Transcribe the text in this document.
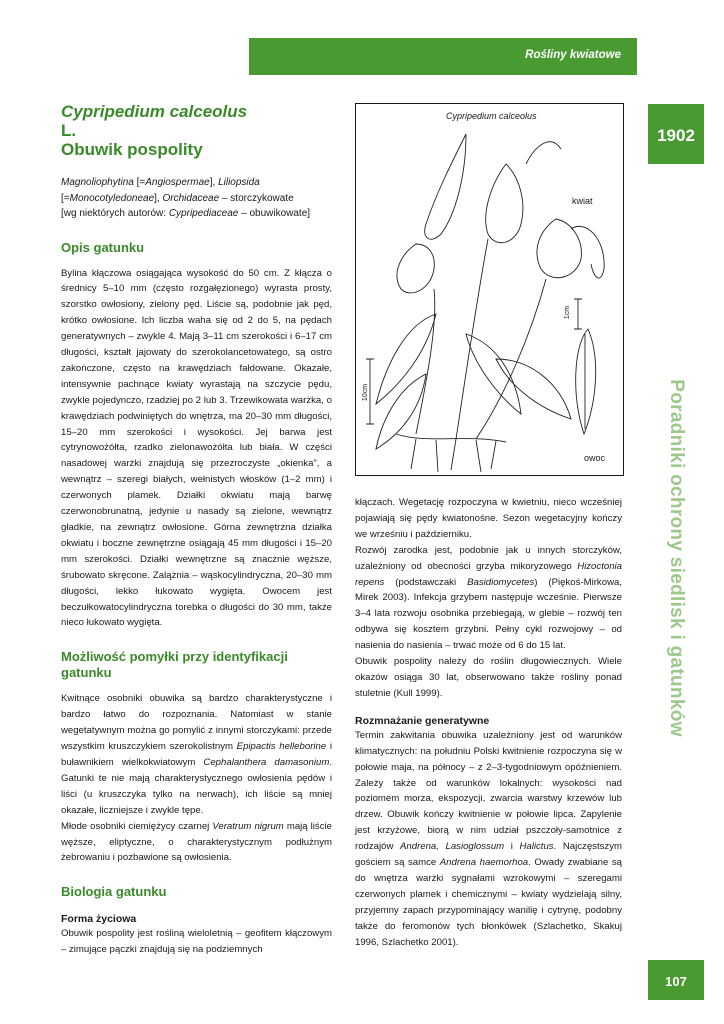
Rośliny kwiatowe
1902
Poradniki ochrony siedlisk i gatunków
107
Cypripedium calceolus
L.
Obuwik pospolity
Magnoliophytina [=Angiospermae], Liliopsida [=Monocotyledoneae], Orchidaceae – storczykowate
[wg niektórych autorów: Cypripediaceae – obuwikowate]
Opis gatunku

Bylina kłączowa osiągająca wysokość do 50 cm. Z kłącza o średnicy 5–10 mm (często rozgałęzionego) wyrasta prosty, szorstko owłosiony, zielony pęd. Liście są, podobnie jak pęd, krótko owłosione. Ich liczba waha się od 2 do 5, na pędach generatywnych – zwykle 4. Mają 3–11 cm szerokości i 6–17 cm długości, kształt jajowaty do szerokolancetowatego, są ostro zakończone, często na krawędziach fałdowane. Okazałe, intensywnie pachnące kwiaty wyrastają na szczycie pędu, zwykle pojedynczo, rzadziej po 2 lub 3. Trzewikowata warżka, o krawędziach podwiniętych do wnętrza, ma 20–30 mm długości, 15–20 mm szerokości i wysokości. Jej barwa jest cytrynowożółta, rzadko zielonawożółta lub biała. W części nasadowej warżki znajdują się przezroczyste „okienka", a wewnątrz – szeregi białych, wełnistych włosków (1–2 mm) i czerwonych plamek. Działki okwiatu mają barwę czerwonobrunatną, jedynie u nasady są zielone, wewnątrz gładkie, na zewnątrz owłosione. Górna zewnętrzna działka okwiatu i boczne zewnętrzne osiągają 45 mm długości i 15–20 mm szerokości. Działki wewnętrzne są znacznie węższe, śrubowato skręcone. Zalążnia – wąskocylindryczna, 20–30 mm długości, lekko łukowato wygięta. Owocem jest beczułkowatocylindryczna torebka o długości do 30 mm, także nieco łukowato wygięta.

Możliwość pomyłki przy identyfikacji gatunku

Kwitnące osobniki obuwika są bardzo charakterystyczne i bardzo łatwo do rozpoznania. Natomiast w stanie wegetatywnym można go pomylić z innymi storczykami: przede wszystkim kruszczykiem szerokolistnym Epipactis helleborine i buławnikiem wielkokwiatowym Cephalanthera damasonium. Gatunki te nie mają charakterystycznego owłosienia pędów i liści (u kruszczyka tylko na nerwach), ich liście są mniej okazałe, liczniejsze i zwykle tępe.

Młode osobniki ciemiężycy czarnej Veratrum nigrum mają liście węższe, eliptyczne, o charakterystycznym podłużnym żebrowaniu i pozbawione są owłosienia.

Biologia gatunku
Forma życiowa

Obuwik pospolity jest rośliną wieloletnią – geofitem kłączowym – zimujące pączki znajdują się na podziemnych

Cypripedium calceolus
kwiat
owoc
1cm
10cm

kłączach. Wegetację rozpoczyna w kwietniu, nieco wcześniej pojawiają się pędy kwiatonośne. Sezon wegetacyjny kończy we wrześniu i październiku.

Rozwój zarodka jest, podobnie jak u innych storczyków, uzależniony od obecności grzyba mikoryzowego Hizoctonia repens (podstawczaki Basidiomycetes) (Piękoś-Mirkowa, Mirek 2003). Infekcja grzybem następuje wcześnie. Pierwsze 3–4 lata rozwoju osobnika przebiegają, w glebie – rozwój ten odbywa się kosztem grzybni. Pełny cykl rozwojowy – od nasienia do nasienia – trwać może od 6 do 15 lat.

Obuwik pospolity należy do roślin długowiecznych. Wiele okazów osiąga 30 lat, obserwowano także rośliny ponad stuletnie (Kull 1999).

Rozmnażanie generatywne

Termin zakwitania obuwika uzależniony jest od warunków klimatycznych: na południu Polski kwitnienie rozpoczyna się w połowie maja, na północy – z 2–3-tygodniowym opóźnieniem. Zależy także od warunków lokalnych: wysokości nad poziomem morza, ekspozycji, zwarcia warstwy krzewów lub drzew. Obuwik kończy kwitnienie w połowie lipca. Zapylenie jest krzyżowe, biorą w nim udział pszczoły-samotnice z rodzajów Andrena, Lasioglossum i Halictus. Najczęstszym gościem są samce Andrena haemorhoa. Owady zwabiane są do wnętrza warżki sygnałami wzrokowymi – szeregami czerwonych plamek i chemicznymi – kwiaty wydzielają silny, przyjemny zapach przypominający wanilię i cytrynę, podobny także do feromonów tych błonkówek (Szlachetko, Skakuj 1996, Szlachetko 2001).
